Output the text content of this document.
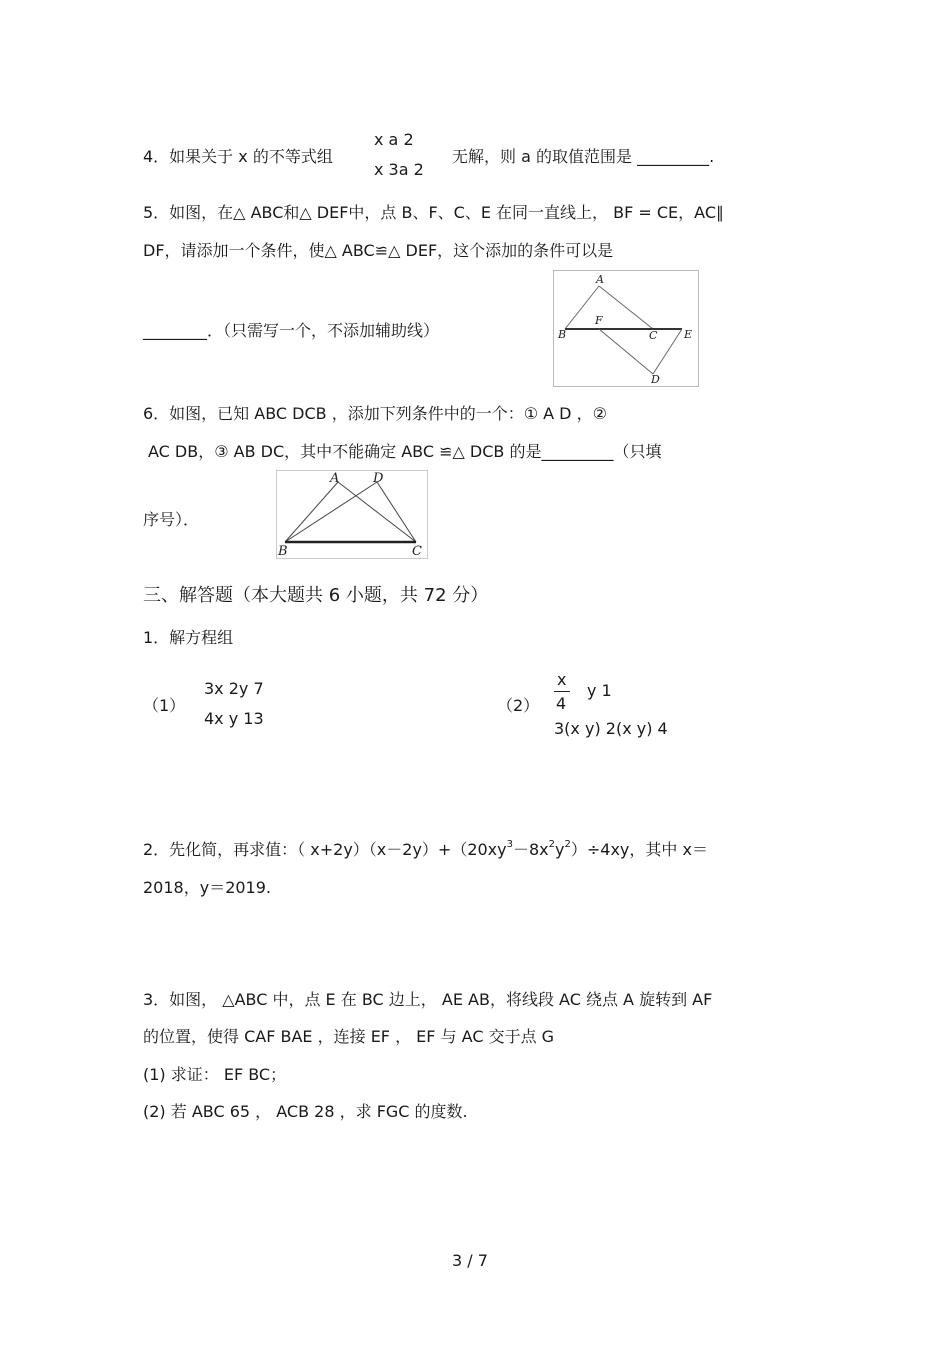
4．如果关于 x 的不等式组
x a 2
x 3a 2
无解，则 a 的取值范围是 _________.
5．如图，在△ ABC和△ DEF中，点 B、F、C、E 在同一直线上， BF = CE，AC∥
DF，请添加一个条件，使△ ABC≌△ DEF，这个添加的条件可以是
________．（只需写一个，不添加辅助线）
A
B
F
C E
D
6．如图，已知 ABC DCB ，添加下列条件中的一个：① A D ，②
AC DB，③ AB DC，其中不能确定 ABC ≌△ DCB 的是_________（只填
序号）．
A	D
B	C
三、解答题（本大题共 6 小题，共 72 分）
1．解方程组
（1）
3x 2y 7
4x y 13
（2）
x
4
y 1
3(x y) 2(x y) 4
2．先化简，再求值：（ $x+2y)(x-2y)+(20xy^3-8x^2y^2)\div 4xy$，其中 x＝
2018，y＝2019.
3．如图， △ABC 中，点 E 在 BC 边上， AE AB，将线段 AC 绕点 A 旋转到 AF
的位置，使得 CAF BAE ，连接 EF ， EF 与 AC 交于点 G
(1) 求证： EF BC；
(2) 若 ABC 65 ， ACB 28 ，求 FGC 的度数.
3 / 7
